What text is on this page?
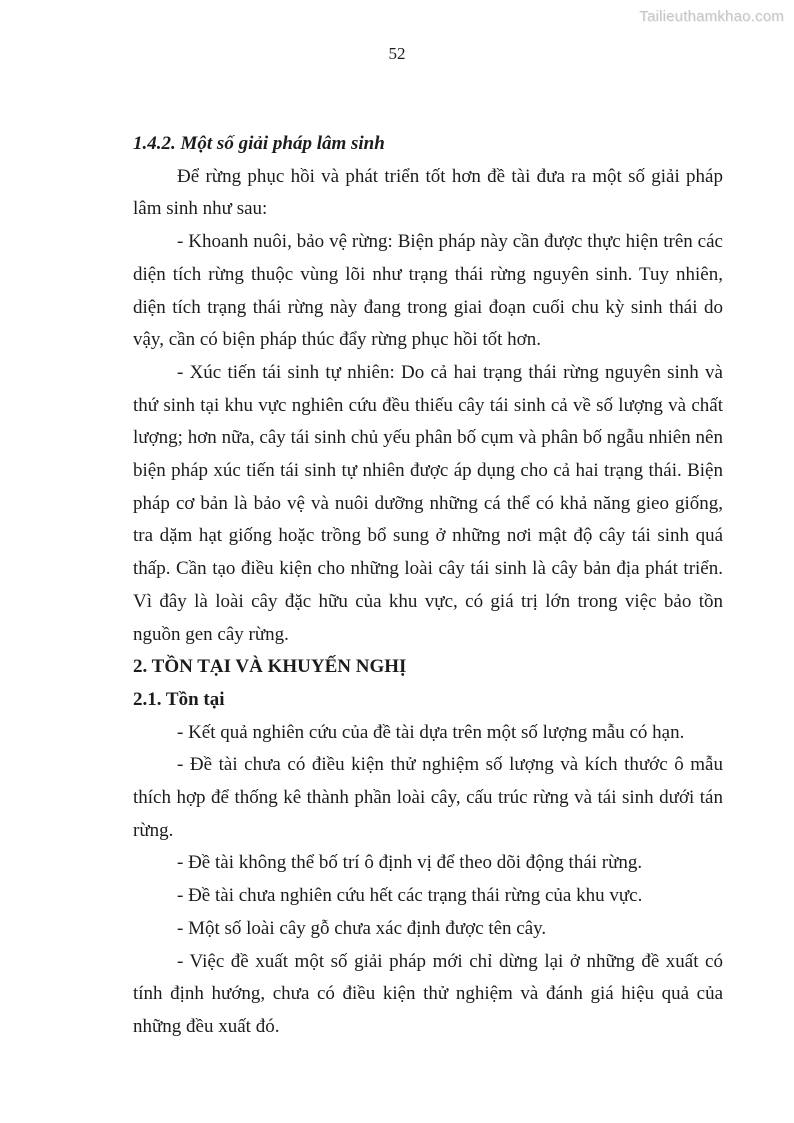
Tailieuthamkhao.com
52

1.4.2. Một số giải pháp lâm sinh

Để rừng phục hồi và phát triển tốt hơn đề tài đưa ra một số giải pháp lâm sinh như sau:

- Khoanh nuôi, bảo vệ rừng: Biện pháp này cần được thực hiện trên các diện tích rừng thuộc vùng lõi như trạng thái rừng nguyên sinh. Tuy nhiên, diện tích trạng thái rừng này đang trong giai đoạn cuối chu kỳ sinh thái do vậy, cần có biện pháp thúc đẩy rừng phục hồi tốt hơn.

- Xúc tiến tái sinh tự nhiên: Do cả hai trạng thái rừng nguyên sinh và thứ sinh tại khu vực nghiên cứu đều thiếu cây tái sinh cả về số lượng và chất lượng; hơn nữa, cây tái sinh chủ yếu phân bố cụm và phân bố ngẫu nhiên nên biện pháp xúc tiến tái sinh tự nhiên được áp dụng cho cả hai trạng thái. Biện pháp cơ bản là bảo vệ và nuôi dưỡng những cá thể có khả năng gieo giống, tra dặm hạt giống hoặc trồng bổ sung ở những nơi mật độ cây tái sinh quá thấp. Cần tạo điều kiện cho những loài cây tái sinh là cây bản địa phát triển. Vì đây là loài cây đặc hữu của khu vực, có giá trị lớn trong việc bảo tồn nguồn gen cây rừng.

2. TỒN TẠI VÀ KHUYẾN NGHỊ

2.1. Tồn tại

- Kết quả nghiên cứu của đề tài dựa trên một số lượng mẫu có hạn.

- Đề tài chưa có điều kiện thử nghiệm số lượng và kích thước ô mẫu thích hợp để thống kê thành phần loài cây, cấu trúc rừng và tái sinh dưới tán rừng.

- Đề tài không thể bố trí ô định vị để theo dõi động thái rừng.

- Đề tài chưa nghiên cứu hết các trạng thái rừng của khu vực.

- Một số loài cây gỗ chưa xác định được tên cây.

- Việc đề xuất một số giải pháp mới chỉ dừng lại ở những đề xuất có tính định hướng, chưa có điều kiện thử nghiệm và đánh giá hiệu quả của những đều xuất đó.
